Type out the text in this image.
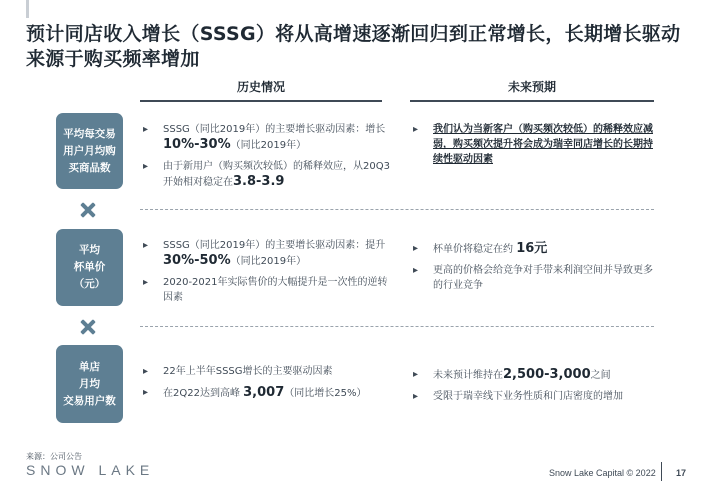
预计同店收入增长（SSSG）将从高增速逐渐回归到正常增长，长期增长驱动来源于购买频率增加
历史情况	未来预期
平均每交易
用户月均购
买商品数
▸ SSSG（同比2019年）的主要增长驱动因素：增长10%-30%（同比2019年）
▸ 由于新用户（购买频次较低）的稀释效应，从20Q3 开始相对稳定在3.8-3.9
▸ 我们认为当新客户（购买频次较低）的稀释效应减弱，购买频次提升将会成为瑞幸同店增长的长期持续性驱动因素
平均
杯单价
（元）
▸ SSSG（同比2019年）的主要增长驱动因素：提升30%-50%（同比2019年）
▸ 2020-2021年实际售价的大幅提升是一次性的逆转因素
▸ 杯单价将稳定在约 16元
▸ 更高的价格会给竞争对手带来利润空间并导致更多的行业竞争
单店
月均
交易用户数
▸ 22年上半年SSSG增长的主要驱动因素
▸ 在2Q22达到高峰 3,007（同比增长25%）
▸ 未来预计维持在2,500-3,000之间
▸ 受限于瑞幸线下业务性质和门店密度的增加
来源：公司公告
SNOW LAKE	Snow Lake Capital © 2022 17
